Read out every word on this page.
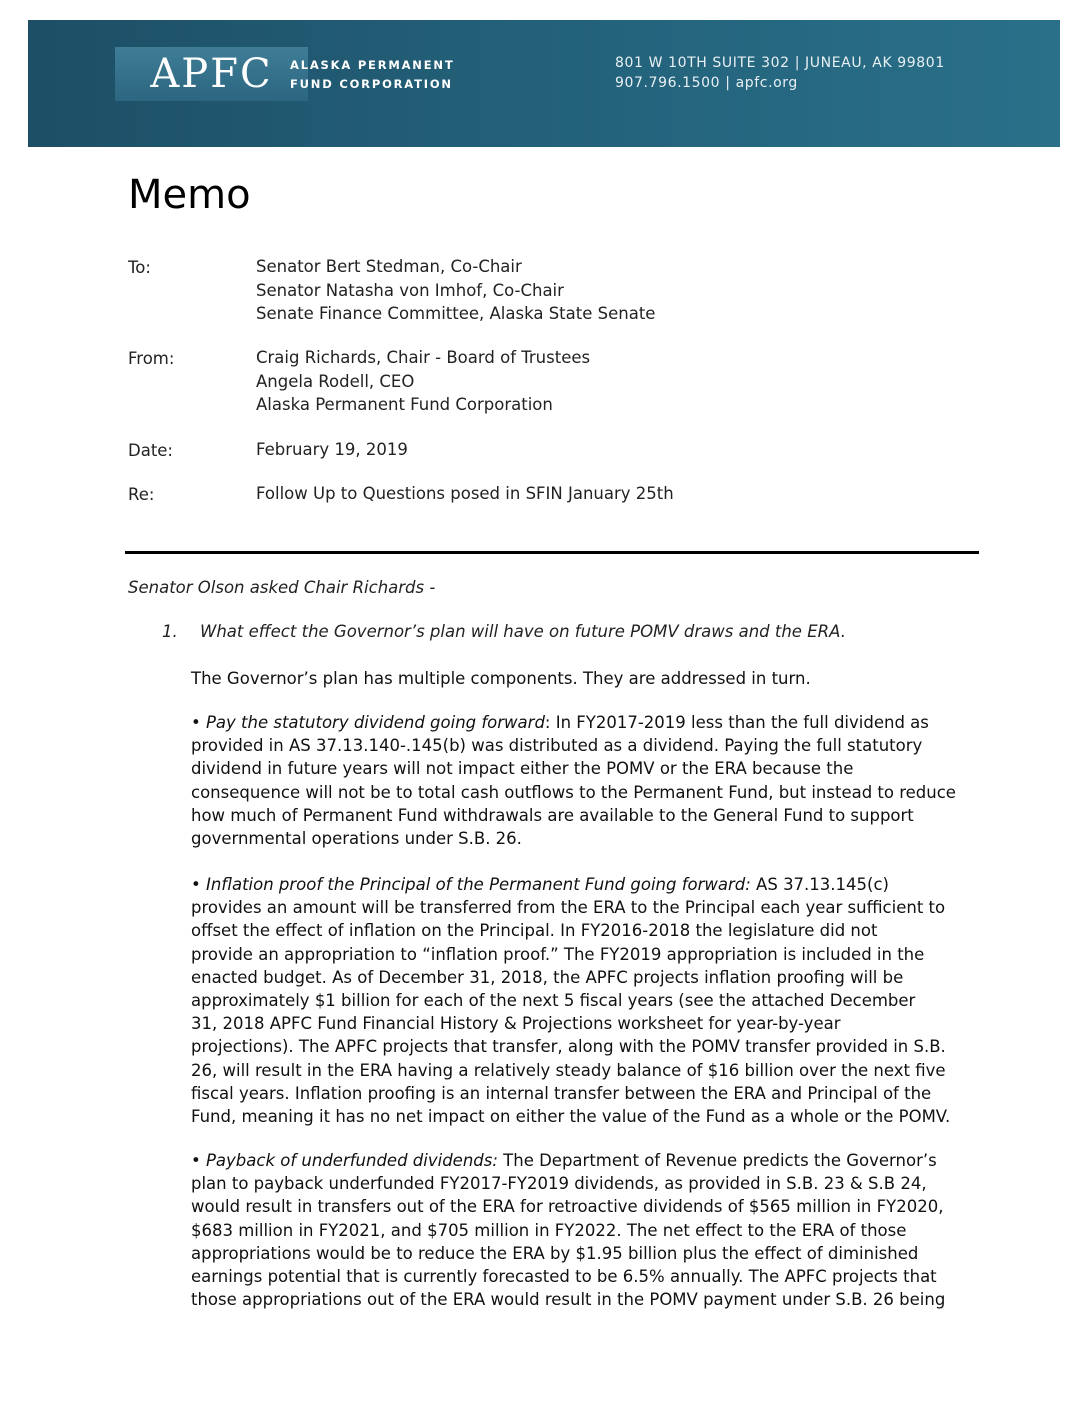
APFC	ALASKA PERMANENT
FUND CORPORATION
801 W 10TH SUITE 302 | JUNEAU, AK 99801
907.796.1500 | apfc.org
Memo
To:	Senator Bert Stedman, Co-Chair
Senator Natasha von Imhof, Co-Chair
Senate Finance Committee, Alaska State Senate
From:	Craig Richards, Chair - Board of Trustees
Angela Rodell, CEO
Alaska Permanent Fund Corporation
Date:	February 19, 2019
Re:	Follow Up to Questions posed in SFIN January 25th
Senator Olson asked Chair Richards -
1. What effect the Governor’s plan will have on future POMV draws and the ERA.
The Governor’s plan has multiple components. They are addressed in turn.
• Pay the statutory dividend going forward: In FY2017-2019 less than the full dividend as
provided in AS 37.13.140-.145(b) was distributed as a dividend. Paying the full statutory
dividend in future years will not impact either the POMV or the ERA because the
consequence will not be to total cash outflows to the Permanent Fund, but instead to reduce
how much of Permanent Fund withdrawals are available to the General Fund to support
governmental operations under S.B. 26.
• Inflation proof the Principal of the Permanent Fund going forward: AS 37.13.145(c)
provides an amount will be transferred from the ERA to the Principal each year sufficient to
offset the effect of inflation on the Principal. In FY2016-2018 the legislature did not
provide an appropriation to “inflation proof.” The FY2019 appropriation is included in the
enacted budget. As of December 31, 2018, the APFC projects inflation proofing will be
approximately $1 billion for each of the next 5 fiscal years (see the attached December
31, 2018 APFC Fund Financial History & Projections worksheet for year-by-year
projections). The APFC projects that transfer, along with the POMV transfer provided in S.B.
26, will result in the ERA having a relatively steady balance of $16 billion over the next five
fiscal years. Inflation proofing is an internal transfer between the ERA and Principal of the
Fund, meaning it has no net impact on either the value of the Fund as a whole or the POMV.
• Payback of underfunded dividends: The Department of Revenue predicts the Governor’s
plan to payback underfunded FY2017-FY2019 dividends, as provided in S.B. 23 & S.B 24,
would result in transfers out of the ERA for retroactive dividends of $565 million in FY2020,
$683 million in FY2021, and $705 million in FY2022. The net effect to the ERA of those
appropriations would be to reduce the ERA by $1.95 billion plus the effect of diminished
earnings potential that is currently forecasted to be 6.5% annually. The APFC projects that
those appropriations out of the ERA would result in the POMV payment under S.B. 26 being
